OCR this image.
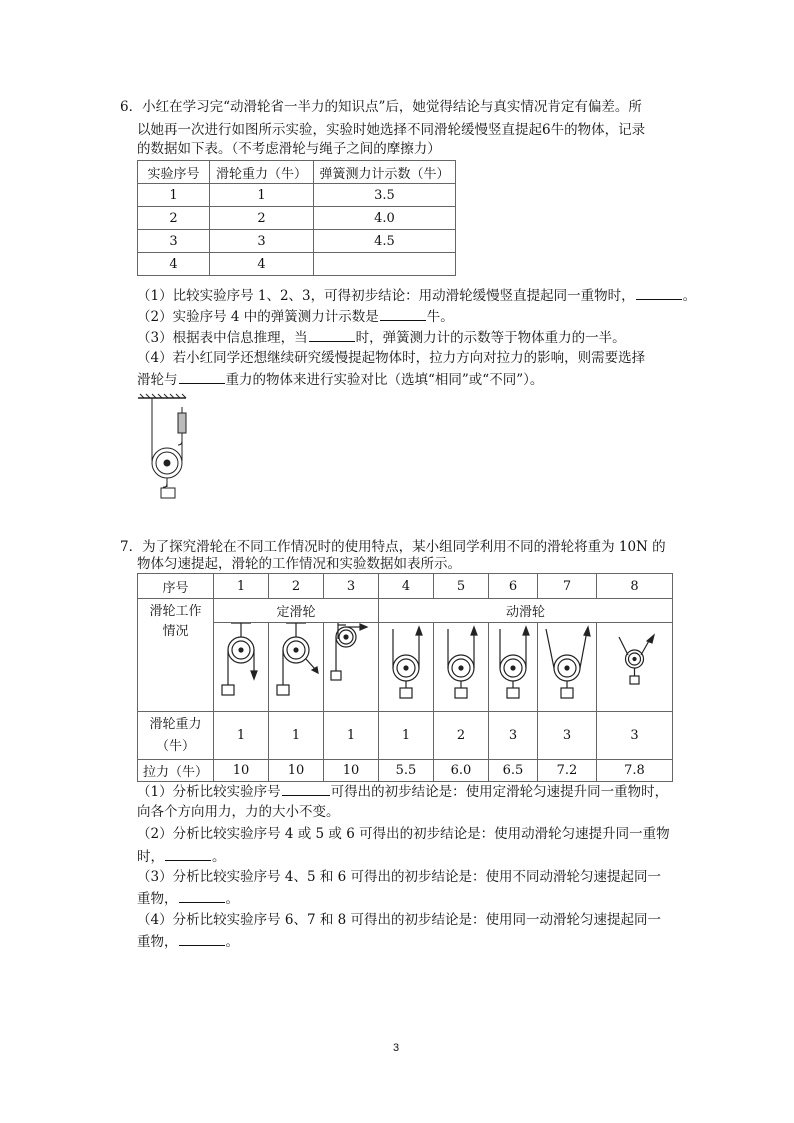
6．小红在学习完“动滑轮省一半力的知识点”后，她觉得结论与真实情况肯定有偏差。所
以她再一次进行如图所示实验，实验时她选择不同滑轮缓慢竖直提起6牛的物体，记录
的数据如下表。（不考虑滑轮与绳子之间的摩擦力）
实验序号	滑轮重力（牛）	弹簧测力计示数（牛）
1	1	3.5
2	2	4.0
3	3	4.5
4	4	
（1）比较实验序号 1、2、3，可得初步结论：用动滑轮缓慢竖直提起同一重物时，	。
（2）实验序号 4 中的弹簧测力计示数是	牛。
（3）根据表中信息推理，当	时，弹簧测力计的示数等于物体重力的一半。
（4）若小红同学还想继续研究缓慢提起物体时，拉力方向对拉力的影响，则需要选择
滑轮与	重力的物体来进行实验对比（选填“相同”或“不同”）。
7．为了探究滑轮在不同工作情况时的使用特点，某小组同学利用不同的滑轮将重为 10N 的
物体匀速提起，滑轮的工作情况和实验数据如表所示。
序号	1	2	3	4	5	6	7	8

滑轮工作
情况	定滑轮			动滑轮				

滑轮重力
（牛）	1	1	1	1	2	3	3	3
拉力（牛）	10	10	10	5.5	6.0	6.5	7.2	7.8
（1）分析比较实验序号	可得出的初步结论是：使用定滑轮匀速提升同一重物时，
向各个方向用力，力的大小不变。
（2）分析比较实验序号 4 或 5 或 6 可得出的初步结论是：使用动滑轮匀速提升同一重物
时，	。
（3）分析比较实验序号 4、5 和 6 可得出的初步结论是：使用不同动滑轮匀速提起同一
重物，	。
（4）分析比较实验序号 6、7 和 8 可得出的初步结论是：使用同一动滑轮匀速提起同一
重物，	。
3
